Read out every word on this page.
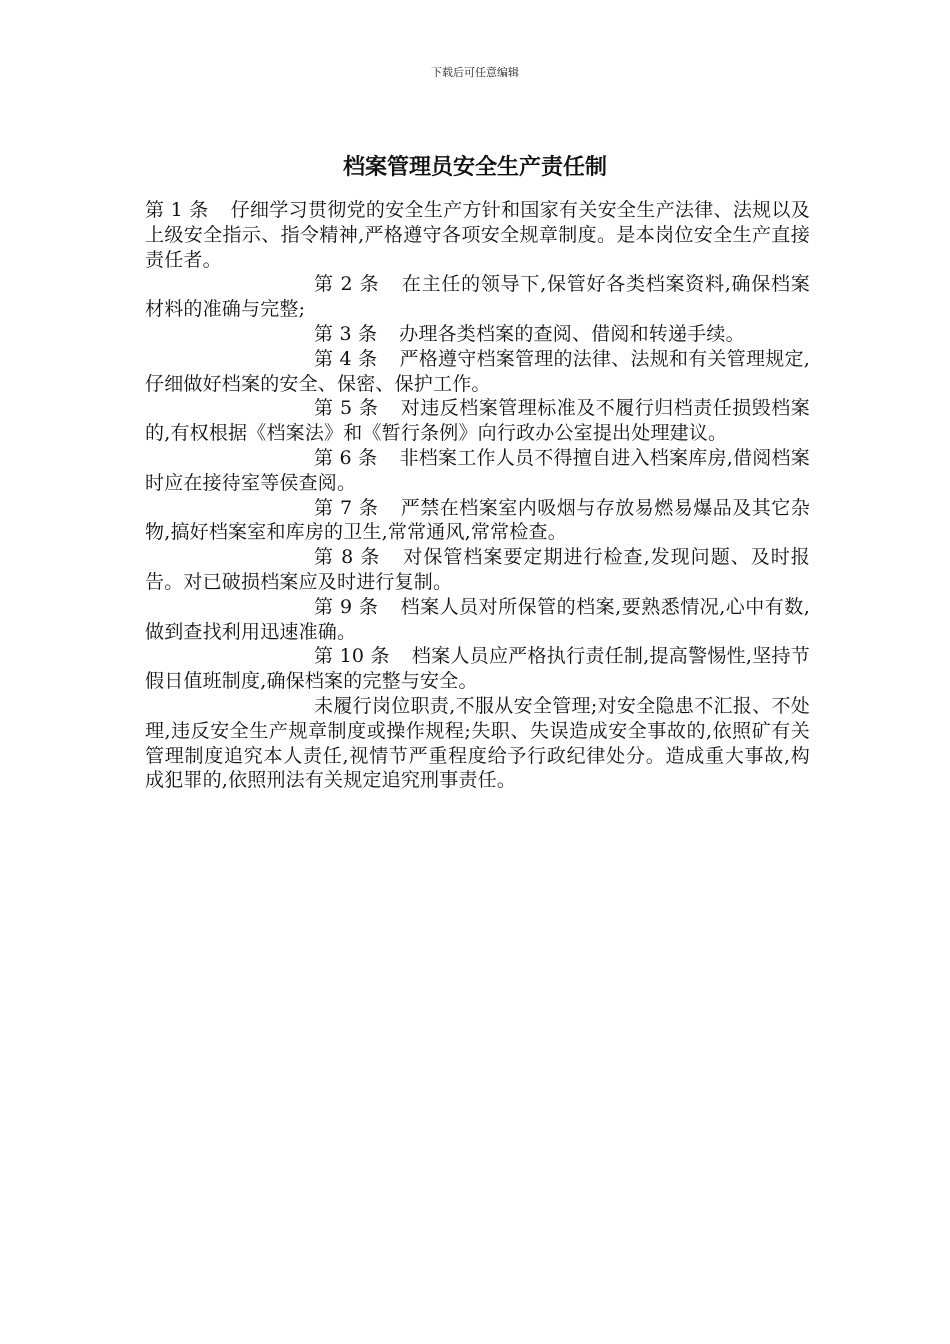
下载后可任意编辑
档案管理员安全生产责任制

第 1 条 仔细学习贯彻党的安全生产方针和国家有关安全生产法律、法规以及上级安全指示、指令精神,严格遵守各项安全规章制度。是本岗位安全生产直接责任者。

第 2 条 在主任的领导下,保管好各类档案资料,确保档案材料的准确与完整;

第 3 条 办理各类档案的查阅、借阅和转递手续。

第 4 条 严格遵守档案管理的法律、法规和有关管理规定,仔细做好档案的安全、保密、保护工作。

第 5 条 对违反档案管理标准及不履行归档责任损毁档案的,有权根据《档案法》和《暂行条例》向行政办公室提出处理建议。

第 6 条 非档案工作人员不得擅自进入档案库房,借阅档案时应在接待室等侯查阅。

第 7 条 严禁在档案室内吸烟与存放易燃易爆品及其它杂物,搞好档案室和库房的卫生,常常通风,常常检查。

第 8 条 对保管档案要定期进行检查,发现问题、及时报告。对已破损档案应及时进行复制。

第 9 条 档案人员对所保管的档案,要熟悉情况,心中有数,做到查找利用迅速准确。

第 10 条 档案人员应严格执行责任制,提高警惕性,坚持节假日值班制度,确保档案的完整与安全。

未履行岗位职责,不服从安全管理;对安全隐患不汇报、不处理,违反安全生产规章制度或操作规程;失职、失误造成安全事故的,依照矿有关管理制度追究本人责任,视情节严重程度给予行政纪律处分。造成重大事故,构成犯罪的,依照刑法有关规定追究刑事责任。
